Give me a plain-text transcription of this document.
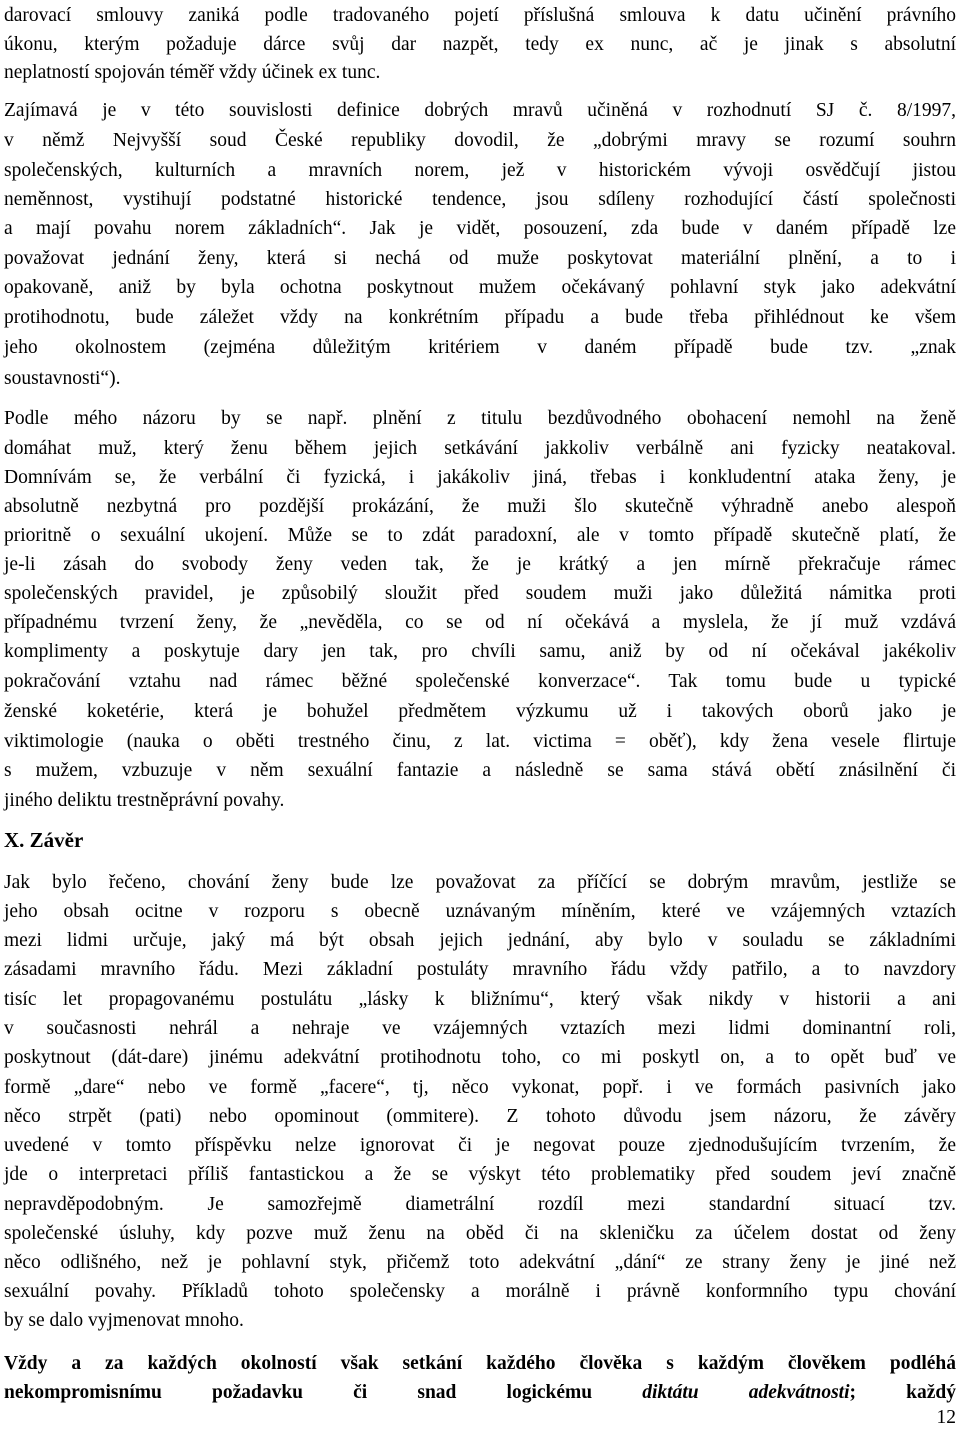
darovací smlouvy zaniká podle tradovaného pojetí příslušná smlouva k datu učinění právního
úkonu, kterým požaduje dárce svůj dar nazpět, tedy ex nunc, ač je jinak s absolutní
neplatností spojován téměř vždy účinek ex tunc.
Zajímavá je v této souvislosti definice dobrých mravů učiněná v rozhodnutí SJ č. 8/1997,
v němž Nejvyšší soud České republiky dovodil, že „dobrými mravy se rozumí souhrn
společenských, kulturních a mravních norem, jež v historickém vývoji osvědčují jistou
neměnnost, vystihují podstatné historické tendence, jsou sdíleny rozhodující částí společnosti
a mají povahu norem základních“. Jak je vidět, posouzení, zda bude v daném případě lze
považovat jednání ženy, která si nechá od muže poskytovat materiální plnění, a to i
opakovaně, aniž by byla ochotna poskytnout mužem očekávaný pohlavní styk jako adekvátní
protihodnotu, bude záležet vždy na konkrétním případu a bude třeba přihlédnout ke všem
jeho okolnostem (zejména důležitým kritériem v daném případě bude tzv. „znak
soustavnosti“).
Podle mého názoru by se např. plnění z titulu bezdůvodného obohacení nemohl na ženě
domáhat muž, který ženu během jejich setkávání jakkoliv verbálně ani fyzicky neatakoval.
Domnívám se, že verbální či fyzická, i jakákoliv jiná, třebas i konkludentní ataka ženy, je
absolutně nezbytná pro pozdější prokázání, že muži šlo skutečně výhradně anebo alespoň
prioritně o sexuální ukojení. Může se to zdát paradoxní, ale v tomto případě skutečně platí, že
je-li zásah do svobody ženy veden tak, že je krátký a jen mírně překračuje rámec
společenských pravidel, je způsobilý sloužit před soudem muži jako důležitá námitka proti
případnému tvrzení ženy, že „nevěděla, co se od ní očekává a myslela, že jí muž vzdává
komplimenty a poskytuje dary jen tak, pro chvíli samu, aniž by od ní očekával jakékoliv
pokračování vztahu nad rámec běžné společenské konverzace“. Tak tomu bude u typické
ženské koketérie, která je bohužel předmětem výzkumu už i takových oborů jako je
viktimologie (nauka o oběti trestného činu, z lat. victima = oběť), kdy žena vesele flirtuje
s mužem, vzbuzuje v něm sexuální fantazie a následně se sama stává obětí znásilnění či
jiného deliktu trestněprávní povahy.
X. Závěr
Jak bylo řečeno, chování ženy bude lze považovat za příčící se dobrým mravům, jestliže se
jeho obsah ocitne v rozporu s obecně uznávaným míněním, které ve vzájemných vztazích
mezi lidmi určuje, jaký má být obsah jejich jednání, aby bylo v souladu se základními
zásadami mravního řádu. Mezi základní postuláty mravního řádu vždy patřilo, a to navzdory
tisíc let propagovanému postulátu „lásky k bližnímu“, který však nikdy v historii a ani
v současnosti nehrál a nehraje ve vzájemných vztazích mezi lidmi dominantní roli,
poskytnout (dát-dare) jinému adekvátní protihodnotu toho, co mi poskytl on, a to opět buď ve
formě „dare“ nebo ve formě „facere“, tj, něco vykonat, popř. i ve formách pasivních jako
něco strpět (pati) nebo opominout (ommitere). Z tohoto důvodu jsem názoru, že závěry
uvedené v tomto příspěvku nelze ignorovat či je negovat pouze zjednodušujícím tvrzením, že
jde o interpretaci příliš fantastickou a že se výskyt této problematiky před soudem jeví značně
nepravděpodobným. Je samozřejmě diametrální rozdíl mezi standardní situací tzv.
společenské úsluhy, kdy pozve muž ženu na oběd či na skleničku za účelem dostat od ženy
něco odlišného, než je pohlavní styk, přičemž toto adekvátní „dání“ ze strany ženy je jiné než
sexuální povahy. Příkladů tohoto společensky a morálně i právně konformního typu chování
by se dalo vyjmenovat mnoho.
Vždy a za každých okolností však setkání každého člověka s každým člověkem podléhá
nekompromisnímu požadavku či snad logickému	diktátu	adekvátnosti; každý
12
